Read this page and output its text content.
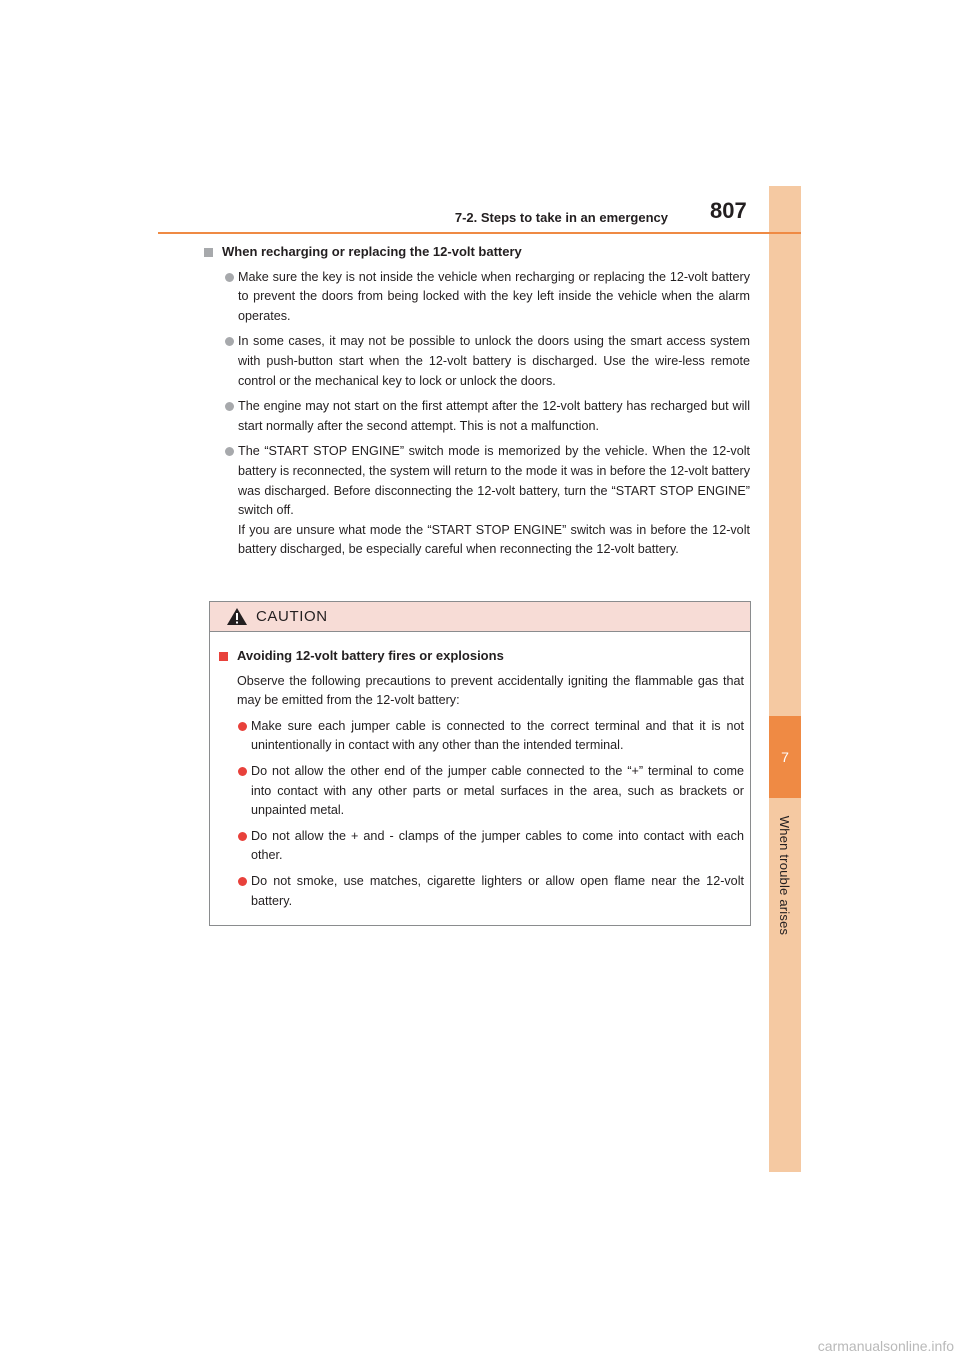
7
When trouble arises
7-2. Steps to take in an emergency 807
When recharging or replacing the 12-volt battery
Make sure the key is not inside the vehicle when recharging or replacing the 12-volt battery to prevent the doors from being locked with the key left inside the vehicle when the alarm operates.
In some cases, it may not be possible to unlock the doors using the smart access system with push-button start when the 12-volt battery is discharged. Use the wire-less remote control or the mechanical key to lock or unlock the doors.
The engine may not start on the first attempt after the 12-volt battery has recharged but will start normally after the second attempt. This is not a malfunction.
The “START STOP ENGINE” switch mode is memorized by the vehicle. When the 12-volt battery is reconnected, the system will return to the mode it was in before the 12-volt battery was discharged. Before disconnecting the 12-volt battery, turn the “START STOP ENGINE” switch off.
If you are unsure what mode the “START STOP ENGINE” switch was in before the 12-volt battery discharged, be especially careful when reconnecting the 12-volt battery.
CAUTION
Avoiding 12-volt battery fires or explosions
Observe the following precautions to prevent accidentally igniting the flammable gas that may be emitted from the 12-volt battery:
Make sure each jumper cable is connected to the correct terminal and that it is not unintentionally in contact with any other than the intended terminal.
Do not allow the other end of the jumper cable connected to the “+” terminal to come into contact with any other parts or metal surfaces in the area, such as brackets or unpainted metal.
Do not allow the + and - clamps of the jumper cables to come into contact with each other.
Do not smoke, use matches, cigarette lighters or allow open flame near the 12-volt battery.
carmanualsonline.info
